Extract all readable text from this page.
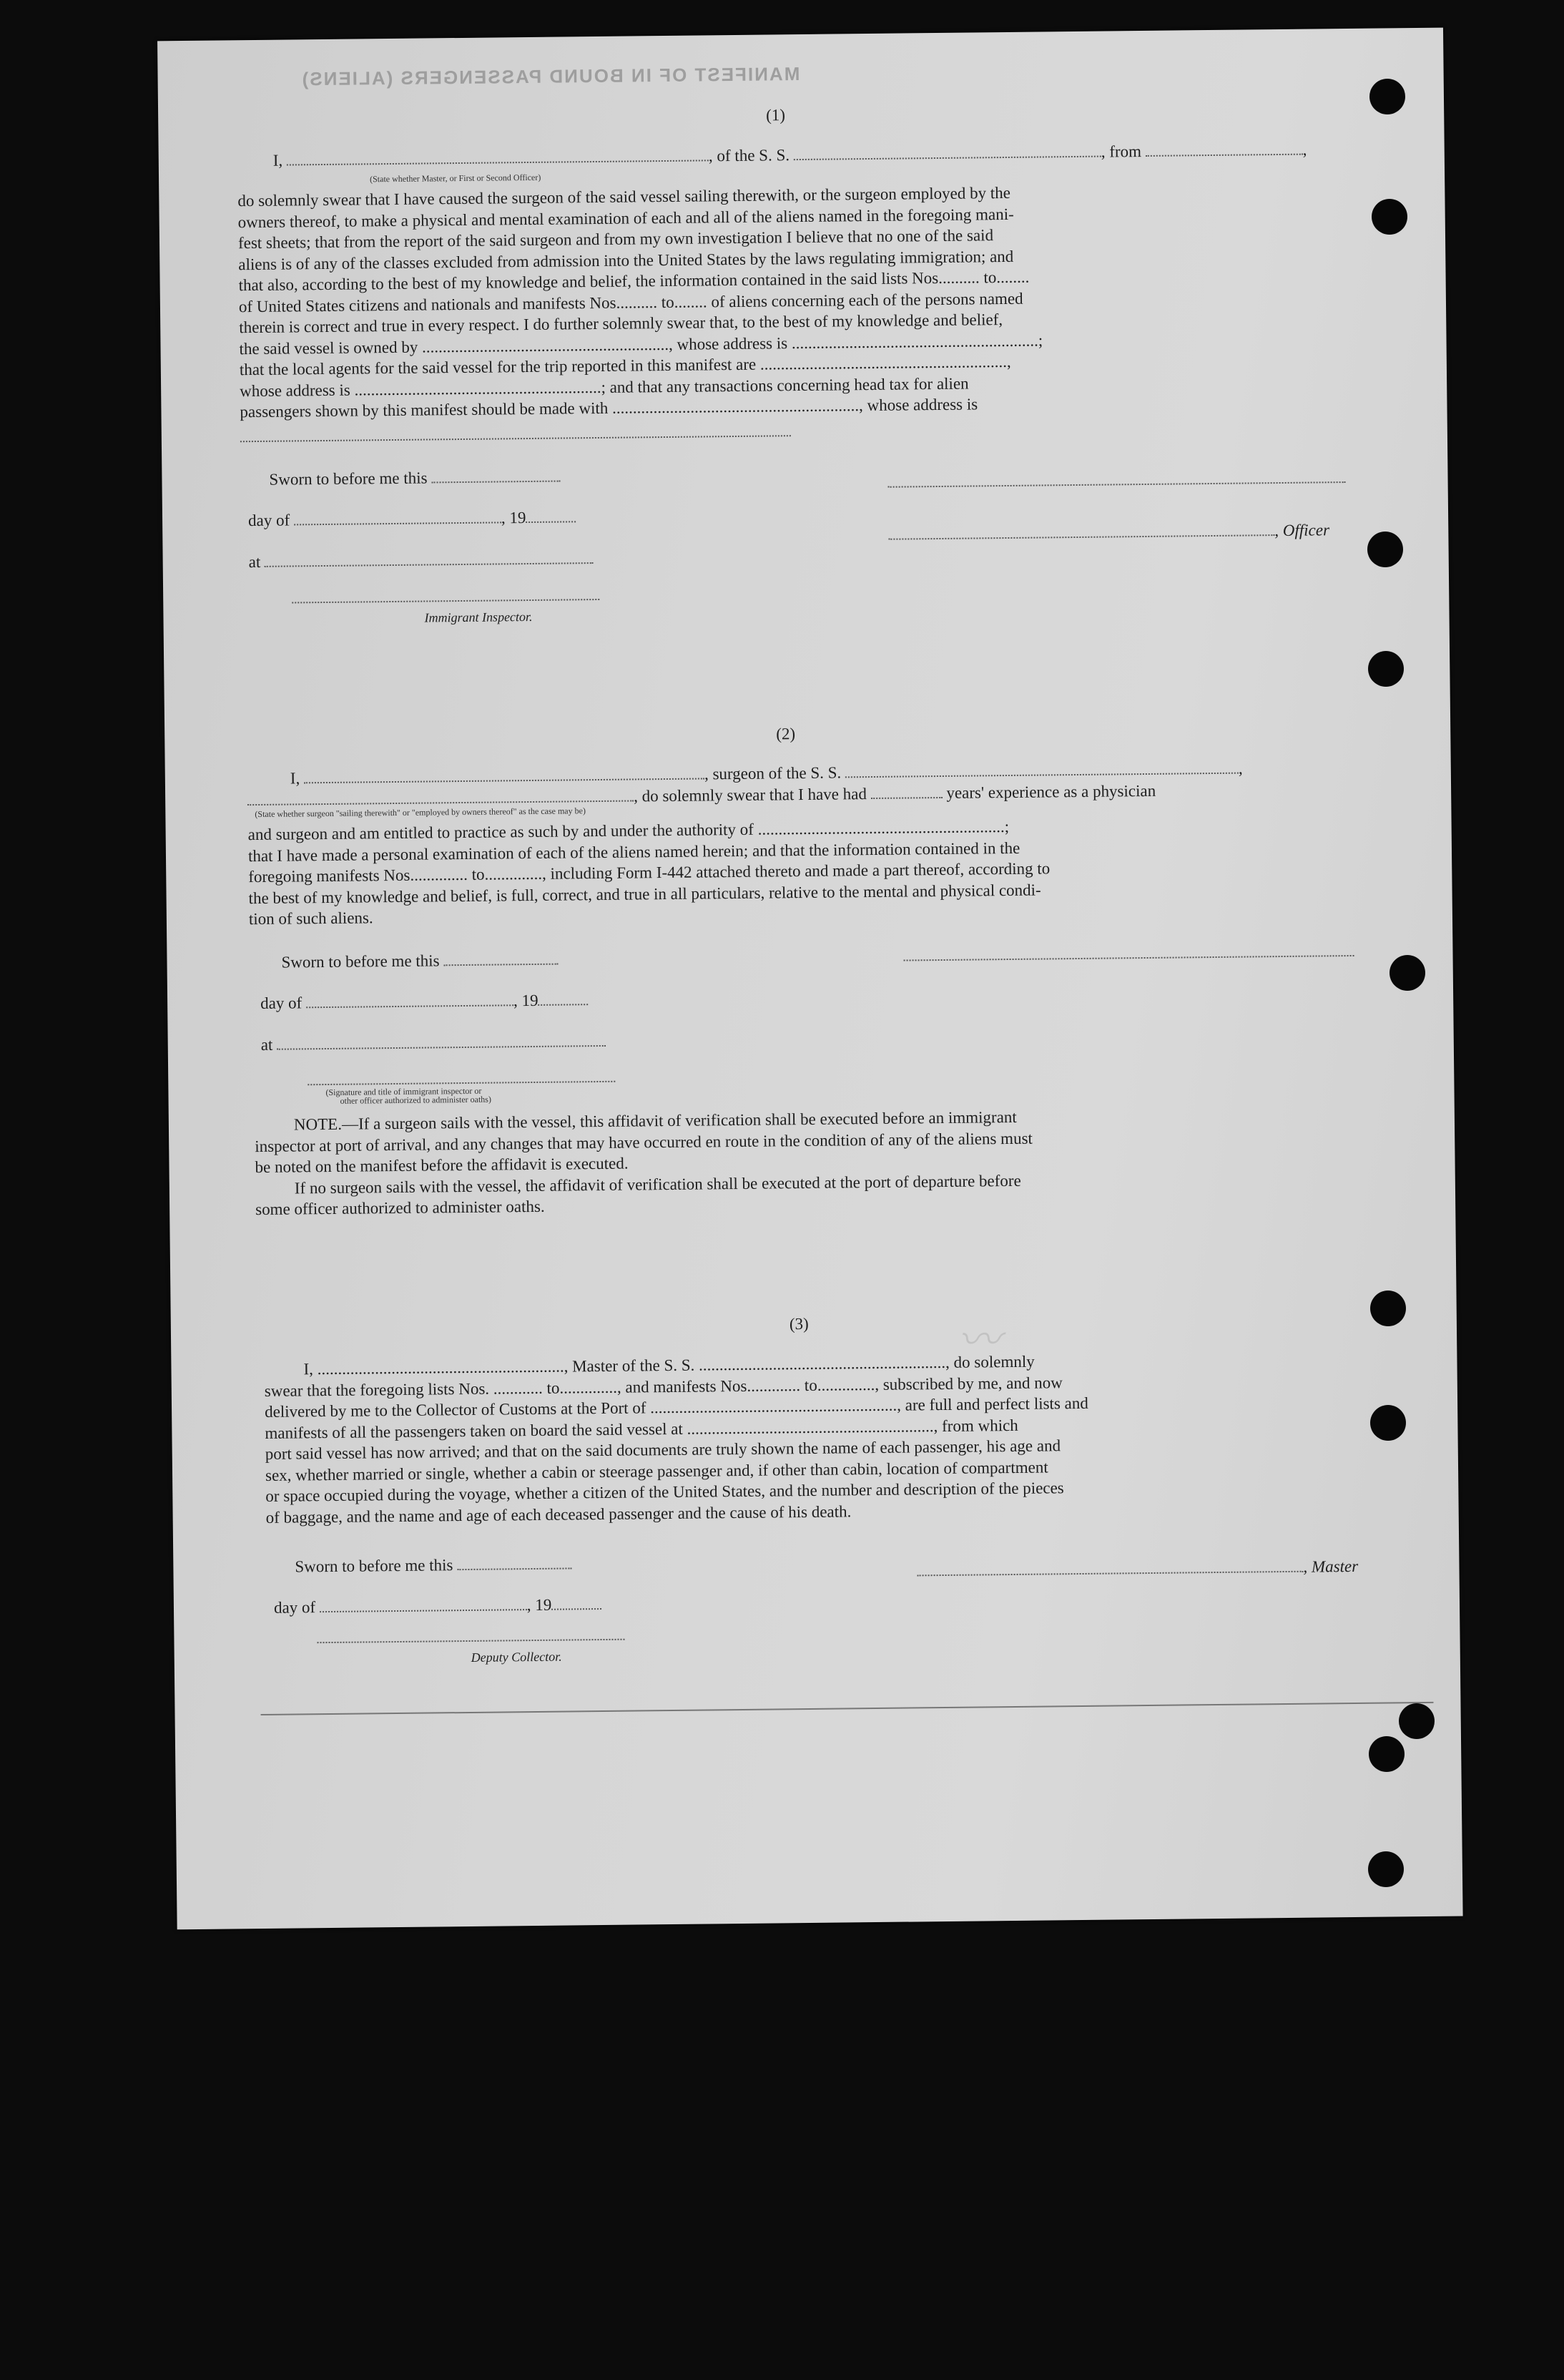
MANIFEST OF IN BOUND PASSENGERS (ALIENS)
〰
(1)
I,	, of the S. S.	, from	,
(State whether Master, or First or Second Officer)
do solemnly swear that I have caused the surgeon of the said vessel sailing therewith, or the surgeon employed by the
owners thereof, to make a physical and mental examination of each and all of the aliens named in the foregoing mani-
fest sheets; that from the report of the said surgeon and from my own investigation I believe that no one of the said
aliens is of any of the classes excluded from admission into the United States by the laws regulating immigration; and
that also, according to the best of my knowledge and belief, the information contained in the said lists Nos.......... to........
of United States citizens and nationals and manifests Nos.......... to........ of aliens concerning each of the persons named
therein is correct and true in every respect. I do further solemnly swear that, to the best of my knowledge and belief,
the said vessel is owned by ............................................................, whose address is ............................................................;
that the local agents for the said vessel for the trip reported in this manifest are ............................................................,
whose address is ............................................................; and that any transactions concerning head tax for alien
passengers shown by this manifest should be made with ............................................................, whose address is
Sworn to before me this
day of	, 19
at
Immigrant Inspector.
, Officer
(2)
I,	, surgeon of the S. S.	,
, do solemnly swear that I have had	years' experience as a physician
(State whether surgeon "sailing therewith" or "employed by owners thereof" as the case may be)
and surgeon and am entitled to practice as such by and under the authority of ............................................................;
that I have made a personal examination of each of the aliens named herein; and that the information contained in the
foregoing manifests Nos.............. to.............., including Form I-442 attached thereto and made a part thereof, according to
the best of my knowledge and belief, is full, correct, and true in all particulars, relative to the mental and physical condi-
tion of such aliens.
Sworn to before me this
day of	, 19
at
(Signature and title of immigrant inspector or
other officer authorized to administer oaths)
NOTE.—If a surgeon sails with the vessel, this affidavit of verification shall be executed before an immigrant
inspector at port of arrival, and any changes that may have occurred en route in the condition of any of the aliens must
be noted on the manifest before the affidavit is executed.
If no surgeon sails with the vessel, the affidavit of verification shall be executed at the port of departure before
some officer authorized to administer oaths.
(3)
I, ............................................................, Master of the S. S. ............................................................, do solemnly
swear that the foregoing lists Nos. ............ to.............., and manifests Nos............. to.............., subscribed by me, and now
delivered by me to the Collector of Customs at the Port of ............................................................, are full and perfect lists and
manifests of all the passengers taken on board the said vessel at ............................................................, from which
port said vessel has now arrived; and that on the said documents are truly shown the name of each passenger, his age and
sex, whether married or single, whether a cabin or steerage passenger and, if other than cabin, location of compartment
or space occupied during the voyage, whether a citizen of the United States, and the number and description of the pieces
of baggage, and the name and age of each deceased passenger and the cause of his death.
Sworn to before me this
day of	, 19
Deputy Collector.
, Master
